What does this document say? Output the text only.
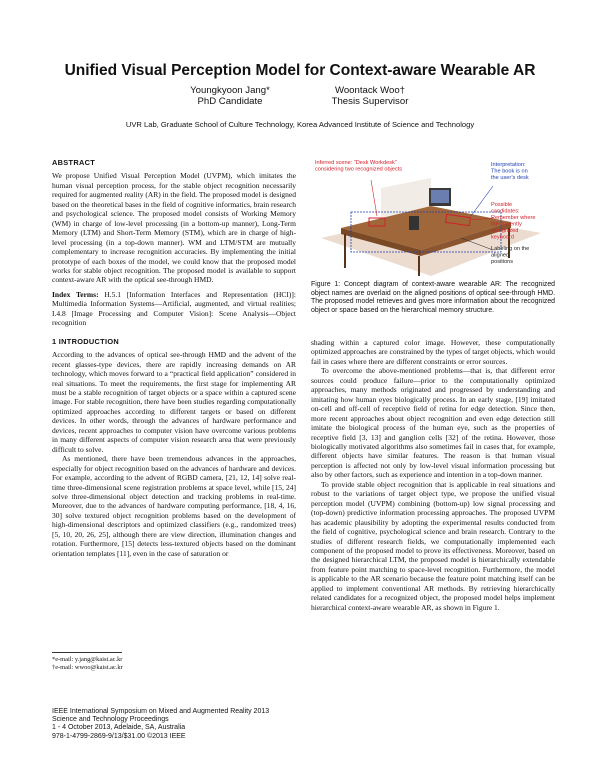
Unified Visual Perception Model for Context-aware Wearable AR
Youngkyoon Jang*
PhD Candidate
Woontack Woo†
Thesis Supervisor
UVR Lab, Graduate School of Culture Technology, Korea Advanced Institute of Science and Technology
ABSTRACT

We propose Unified Visual Perception Model (UVPM), which imitates the human visual perception process, for the stable object recognition necessarily required for augmented reality (AR) in the field. The proposed model is designed based on the theoretical bases in the field of cognitive informatics, brain research and psychological science. The proposed model consists of Working Memory (WM) in charge of low-level processing (in a bottom-up manner), Long-Term Memory (LTM) and Short-Term Memory (STM), which are in charge of high-level processing (in a top-down manner). WM and LTM/STM are mutually complementary to increase recognition accuracies. By implementing the initial prototype of each boxes of the model, we could know that the proposed model works for stable object recognition. The proposed model is available to support context-aware AR with the optical see-through HMD.

Index Terms: H.5.1 [Information Interfaces and Representation (HCI)]: Multimedia Information Systems—Artificial, augmented, and virtual realities; I.4.8 [Image Processing and Computer Vision]: Scene Analysis—Object recognition

1 INTRODUCTION

According to the advances of optical see-through HMD and the advent of the recent glasses-type devices, there are rapidly increasing demands on AR technology, which moves forward to a “practical field application” considered in real situations. To meet the requirements, the first stage for implementing AR must be a stable recognition of target objects or a space within a captured scene image. For stable recognition, there have been studies regarding computationally optimized approaches according to different targets or based on different devices. In other words, through the advances of hardware performance and devices, recent approaches to computer vision have overcome various problems in many different aspects of computer vision research area that were previously difficult to solve.

As mentioned, there have been tremendous advances in the approaches, especially for object recognition based on the advances of hardware and devices. For example, according to the advent of RGBD camera, [21, 12, 14] solve real-time three-dimensional scene registration problems at space level, while [15, 24] solve three-dimensional object detection and tracking problems in real-time. Moreover, due to the advances of hardware computing performance, [18, 4, 16, 30] solve textured object recognition problems based on the development of high-dimensional descriptors and optimized classifiers (e.g., randomized trees) [5, 10, 20, 26, 25], although there are view direction, illumination changes and rotation. Furthermore, [15] detects less-textured objects based on the dominant orientation templates [11], even in the case of saturation or

Inferred scene: “Desk Workdesk” considering two recognized objects
Interpretation: The book is on the user’s desk
Possible candidates: Remember where the currently recognized keyboard
Labeling on the aligned positions
Figure 1: Concept diagram of context-aware wearable AR: The recognized object names are overlaid on the aligned positions of optical see-through HMD. The proposed model retrieves and gives more information about the recognized object or space based on the hierarchical memory structure.

shading within a captured color image. However, these computationally optimized approaches are constrained by the types of target objects, which would fail in cases where there are different constraints or error sources.

To overcome the above-mentioned problems—that is, that different error sources could produce failure—prior to the computationally optimized approaches, many methods originated and progressed by understanding and imitating how human eyes biologically process. In an early stage, [19] imitated on-cell and off-cell of receptive field of retina for edge detection. Since then, more recent approaches about object recognition and even edge detection still imitate the biological process of the human eye, such as the properties of receptive field [3, 13] and ganglion cells [32] of the retina. However, those biologically motivated algorithms also sometimes fail in cases that, for example, different objects have similar features. The reason is that human visual perception is affected not only by low-level visual information processing but also by other factors, such as experience and intention in a top-down manner.

To provide stable object recognition that is applicable in real situations and robust to the variations of target object type, we propose the unified visual perception model (UVPM) combining (bottom-up) low signal processing and (top-down) predictive information processing approaches. The proposed UVPM has academic plausibility by adopting the experimental results conducted from the field of cognitive, psychological science and brain research. Contrary to the studies of different research fields, we computationally implemented each component of the proposed model to prove its effectiveness. Moreover, based on the designed hierarchical LTM, the proposed model is hierarchically extendable from feature point matching to space-level recognition. Furthermore, the model is applicable to the AR scenario because the feature point matching itself can be applied to implement conventional AR methods. By retrieving hierarchically related candidates for a recognized object, the proposed model helps implement hierarchical context-aware wearable AR, as shown in Figure 1.

*e-mail: y.jang@kaist.ac.kr
†e-mail: wwoo@kaist.ac.kr
IEEE International Symposium on Mixed and Augmented Reality 2013
Science and Technology Proceedings
1 - 4 October 2013, Adelaide, SA, Australia
978-1-4799-2869-9/13/$31.00 ©2013 IEEE
